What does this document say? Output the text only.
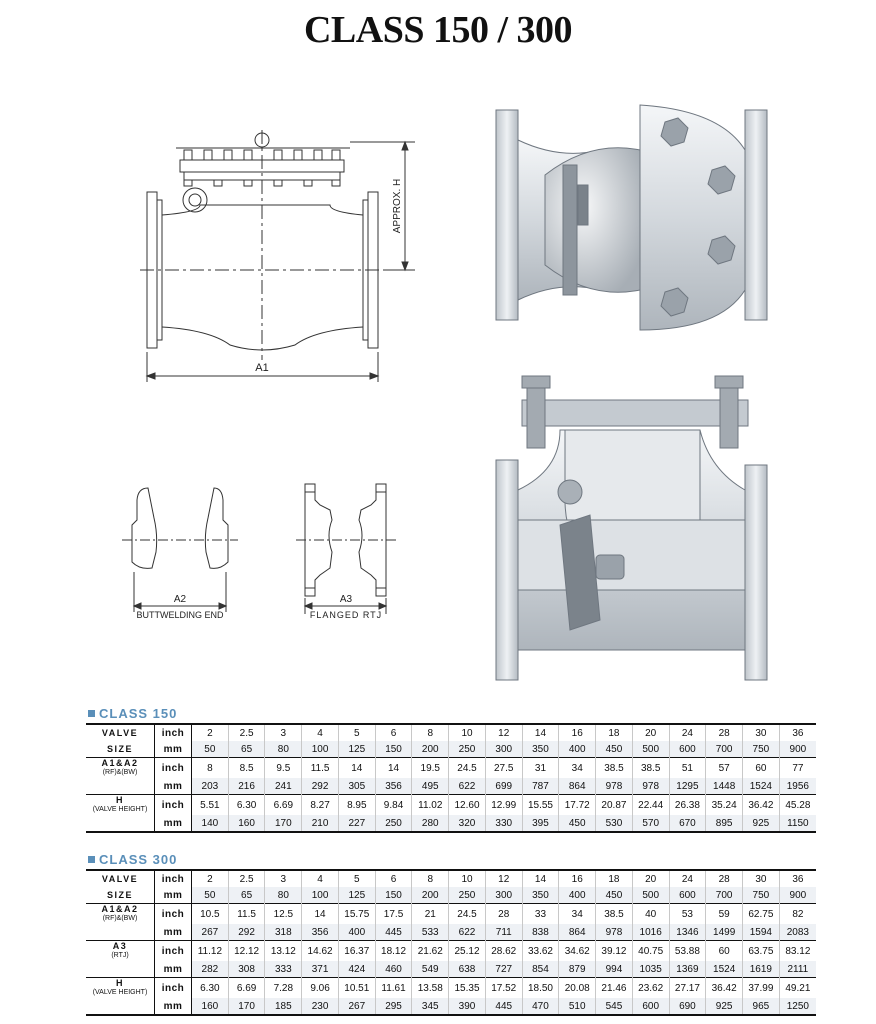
CLASS 150 / 300
A1
APPROX. H
A2
BUTTWELDING END
A3
FLANGED RTJ
CLASS 150
VALVE	inch	2	2.5	3	4	5	6	8	10	12	14	16	18	20	24	28	30	36
SIZE	mm	50	65	80	100	125	150	200	250	300	350	400	450	500	600	700	750	900
A1&A2
(RF)&(BW)	inch	8	8.5	9.5	11.5	14	14	19.5	24.5	27.5	31	34	38.5	38.5	51	57	60	77
	mm	203	216	241	292	305	356	495	622	699	787	864	978	978	1295	1448	1524	1956
H
(VALVE HEIGHT)	inch	5.51	6.30	6.69	8.27	8.95	9.84	11.02	12.60	12.99	15.55	17.72	20.87	22.44	26.38	35.24	36.42	45.28
	mm	140	160	170	210	227	250	280	320	330	395	450	530	570	670	895	925	1150
CLASS 300
VALVE	inch	2	2.5	3	4	5	6	8	10	12	14	16	18	20	24	28	30	36
SIZE	mm	50	65	80	100	125	150	200	250	300	350	400	450	500	600	700	750	900
A1&A2
(RF)&(BW)	inch	10.5	11.5	12.5	14	15.75	17.5	21	24.5	28	33	34	38.5	40	53	59	62.75	82
	mm	267	292	318	356	400	445	533	622	711	838	864	978	1016	1346	1499	1594	2083
A3
(RTJ)	inch	11.12	12.12	13.12	14.62	16.37	18.12	21.62	25.12	28.62	33.62	34.62	39.12	40.75	53.88	60	63.75	83.12
	mm	282	308	333	371	424	460	549	638	727	854	879	994	1035	1369	1524	1619	2111
H
(VALVE HEIGHT)	inch	6.30	6.69	7.28	9.06	10.51	11.61	13.58	15.35	17.52	18.50	20.08	21.46	23.62	27.17	36.42	37.99	49.21
	mm	160	170	185	230	267	295	345	390	445	470	510	545	600	690	925	965	1250
